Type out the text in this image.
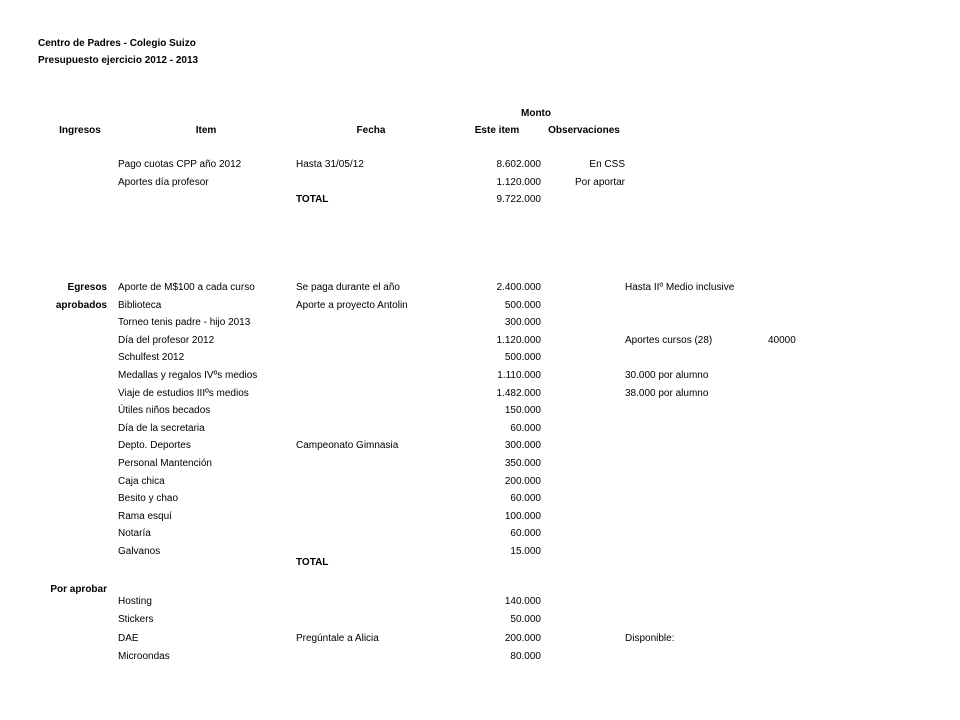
Centro de Padres - Colegio Suizo
Presupuesto ejercicio 2012 - 2013
Monto
Ingresos	Item	Fecha	Este item	Observaciones
Pago cuotas CPP año 2012	Hasta 31/05/12	8.602.000	En CSS
Aportes día profesor	1.120.000	Por aportar
TOTAL	9.722.000
Egresos
aprobados
Aporte de M$100 a cada curso	Se paga durante el año	2.400.000	Hasta IIº Medio inclusive
Biblioteca	Aporte a proyecto Antolin	500.000
Torneo tenis padre - hijo 2013	300.000
Día del profesor 2012	1.120.000	Aportes cursos (28)	40000
Schulfest 2012	500.000
Medallas y regalos IVºs medios	1.110.000	30.000 por alumno
Viaje de estudios IIIºs medios	1.482.000	38.000 por alumno
Útiles niños becados	150.000
Día de la secretaria	60.000
Depto. Deportes	Campeonato Gimnasia	300.000
Personal Mantención	350.000
Caja chica	200.000
Besito y chao	60.000
Rama esquí	100.000
Notaría	60.000
Galvanos	15.000
TOTAL
Por aprobar
Hosting	140.000
Stickers	50.000
DAE	Pregúntale a Alicia	200.000	Disponible:
Microondas	80.000
